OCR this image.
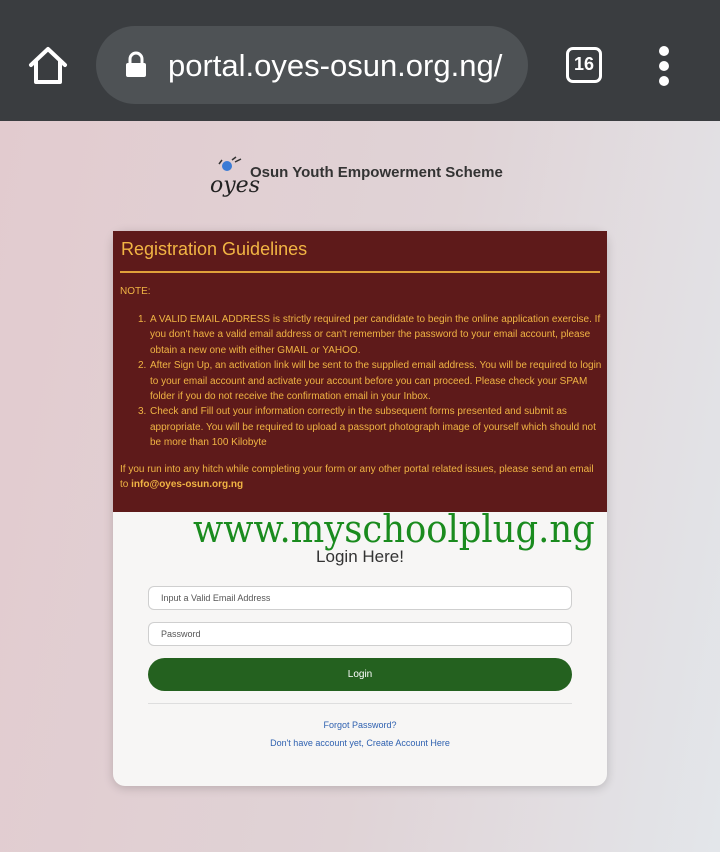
portal.oyes-osun.org.ng/	16
oyes
Osun Youth Empowerment Scheme
Registration Guidelines
NOTE:
1. A VALID EMAIL ADDRESS is strictly required per candidate to begin the online application exercise. If you don't have a valid email address or can't remember the password to your email account, please obtain a new one with either GMAIL or YAHOO.
2. After Sign Up, an activation link will be sent to the supplied email address. You will be required to login to your email account and activate your account before you can proceed. Please check your SPAM folder if you do not receive the confirmation email in your Inbox.
3. Check and Fill out your information correctly in the subsequent forms presented and submit as appropriate. You will be required to upload a passport photograph image of yourself which should not be more than 100 Kilobyte
If you run into any hitch while completing your form or any other portal related issues, please send an email to info@oyes-osun.org.ng
Login Here!
www.myschoolplug.ng
Input a Valid Email Address
Login
Forgot Password?
Don't have account yet, Create Account Here
